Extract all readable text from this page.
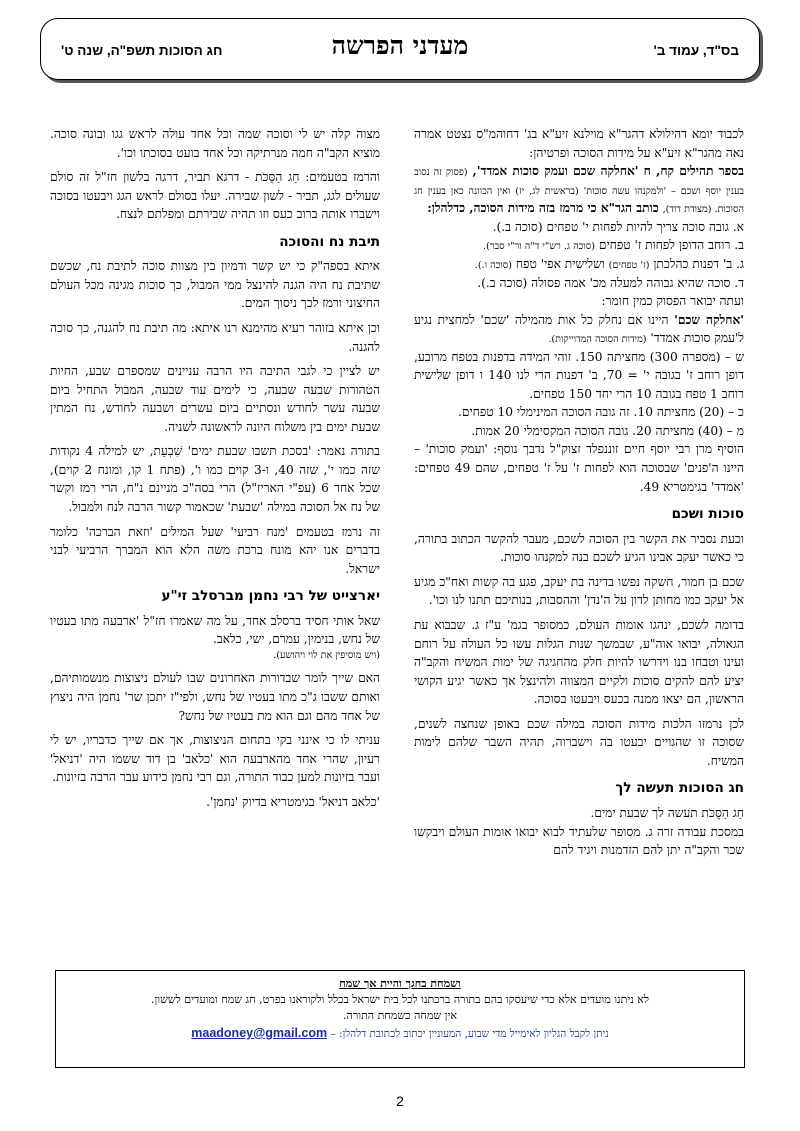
בס"ד, עמוד ב'
מעדני הפרשה
חג הסוכות תשפ"ה, שנה ט'

לכבוד יומא דהילולא דהגר"א מוילנא זיע"א בג' דחוהמ"ס נצטט אמרה נאה מהגר"א זיע"א על מידות הסוכה ופרטיהן:

בספר תהילים קח, ח 'אחלקה שכם ועמק סוכות אמדד', (פסוק זה נסוב בענין יוסף ושכם – 'ולמקנהו עשה סוכות' (בראשית לג, יז) ואין הכוונה כאן בענין חג הסוכות. (מצודת דוד), כותב הגר"א כי מרמז בזה מידות הסוכה, כדלהלן:

א. גובה סוכה צריך להיות לפחות י' טפחים (סוכה ב.).

ב. רוחב הדופן לפחות ז' טפחים (סוכה ג. רש"י ד"ה ור"י סבר).

ג. ב' דפנות כהלכתן (ז' טפחים) ושלישית אפי' טפח (סוכה ו.).

ד. סוכה שהיא גבוהה למעלה מכ' אמה פסולה (סוכה ב.).

ועתה יבואר הפסוק כמין חומר:

'אחלקה שכם' היינו אם נחלק כל אות מהמילה 'שכם' למחצית נגיע ל'עמק סוכות אמדד' (מידות הסוכה המדוייקות).

ש – (מספרה 300) מחציתה 150. זוהי המידה בדפנות בטפח מרובע, דופן רוחב ז' בגובה י' = 70, ב' דפנות הרי לנו 140 ו דופן שלישית רוחב 1 טפח בגובה 10 הרי יחד 150 טפחים.

כ – (20) מחציתה 10. זה גובה הסוכה המינימלי 10 טפחים.

מ – (40) מחציתה 20. גובה הסוכה המקסימלי 20 אמות.

הוסיף מרן רבי יוסף חיים זוננפלד זצוק"ל נדבך נוסף: 'ועמק סוכות' – היינו ה'פנים' שבסוכה הוא לפחות ז' על ז' טפחים, שהם 49 טפחים: 'אמדד' בגימטריא 49.

סוכות ושכם

וכעת נסביר את הקשר בין הסוכה לשכם, מעבר להקשר הכתוב בתורה, כי כאשר יעקב אבינו הגיע לשכם בנה למקנהו סוכות.

שכם בן חמור, חשקה נפשו בדינה בת יעקב, פגע בה קשות ואח"כ מגיע אל יעקב כמו מחותן לדון על ה'נדן' וההסבות, בנותיכם תתנו לנו וכו'.

בדומה לשכם, ינהגו אומות העולם, כמסופר בגמ' ע"ז ג. שבבוא עת הגאולה, יבואו אוה"ע, שבמשך שנות הגלות עשו כל העולה על רוחם ועינו וטבחו בנו וידרשו להיות חלק מהחגיגה של ימות המשיח והקב"ה יציע להם להקים סוכות ולקיים המצווה ולהינצל אך כאשר יגיע הקושי הראשון, הם יצאו ממנה בכעס ויבעטו בסוכה.

לכן נרמזו הלכות מידות הסוכה במילה שכם באופן שנחצה לשנים, שסוכה זו שהגויים יבעטו בה וישברוה, תהיה השבר שלהם לימות המשיח.

חג הסוכות תעשה לך

חַג הַסֻּכֹּת תעשה לך שבעת ימים.

במסכת עבודה זרה ג. מסופר שלעתיד לבוא יבואו אומות העולם ויבקשו שכר והקב"ה יתן להם הזדמנות ויגיד להם

מצוה קלה יש לי וסוכה שמה וכל אחד עולה לראש גגו ובונה סוכה. מוציא הקב"ה חמה מנרתיקה וכל אחד בועט בסוכתו וכו'.

והרמז בטעמים: חַג הַסֻּכֹּת - דרגא תביר, דרגה בלשון חז"ל זה סולם שעולים לגג, תביר - לשון שבירה. יעלו בסולם לראש הגג ויבעטו בסוכה וישברו אותה ברוב כעס וזו תהיה שבירתם ומפלתם לנצח.

תיבת נח והסוכה

איתא בספה"ק כי יש קשר ודמיון בין מצוות סוכה לתיבת נח, שכשם שתיבת נח היה הגנה להינצל ממי המבול, כך סוכות מגינה מכל העולם החיצוני ורמז לכך ניסוך המים.

וכן איתא בזוהר רעיא מהימנא רנו איתא: מה תיבת נח להגנה, כך סוכה להגנה.

יש לציין כי לגבי התיבה היו הרבה עניינים שמספרם שבע, החיות הטהורות שבעה שבעה, כי לימים עוד שבעה, המבול התחיל ביום שבעה עשר לחודש ונסתיים ביום עשרים ושבעה לחודש, נח המתין שבעת ימים בין משלוח היונה לראשונה לשניה.

בתורה נאמר: 'בסכת תשבו שבעת ימים' שִׁבְעַת, יש למילה 4 נקודות שזה כמו י', שזה 40, ו-3 קוים כמו ו', (פתח 1 קו, ומונח 2 קוים), שכל אחד 6 (עפ"י האריז"ל) הרי בסה"כ מניינם נ"ח, הרי רמז וקשר של נח אל הסוכה במילה 'שבעת' שכאמור קשור הרבה לנח ולמבול.

זה נרמז בטעמים 'מנח רביעי' שעל המילים 'וזאת הברכה' כלומר בדברים אנו יהא מונח ברכת משה הלא הוא המברך הרביעי לבני ישראל.

יארצייט של רבי נחמן מברסלב זי"ע

שאל אותי חסיד ברסלב אחד, על מה שאמרו חז"ל 'ארבעה מתו בעטיו של נחש, בנימין, עמרם, ישי, כלאב.

(ויש מוסיפין את לוי ויהושע).

האם שייך לומר שבדורות האחרונים שבו לעולם ניצוצות מנשמותיהם, ואותם ששבו ג"כ מתו בעטיו של נחש, ולפי"ז יתכן שר' נחמן היה ניצוץ של אחד מהם וגם הוא מת בעטיו של נחש?

עניתי לו כי אינני בקי בתחום הניצוצות, אך אם שייך כדבריו, יש לי רעיון, שהרי אחד מהארבעה הוא 'כלאב' בן דוד ששמו היה 'דניאל' ועבר בזיונות למען כבוד התורה, וגם רבי נחמן כידוע עבר הרבה בזיונות.

'כלאב דניאל' בגימטריא בדיוק 'נחמן'.

ושמחת בחגך והיית אך שמח
לא ניתנו מועדים אלא כדי שיעסקו בהם בתורה ברכתנו לכל בית ישראל בכלל ולקוראנו בפרט, חג שמח ומועדים לששון.
אין שמחה כשמחת התורה.
ניתן לקבל הגליון לאימייל מדי שבוע, המעוניין יכתוב לכתובת דלהלן: – maadoney@gmail.com
2
